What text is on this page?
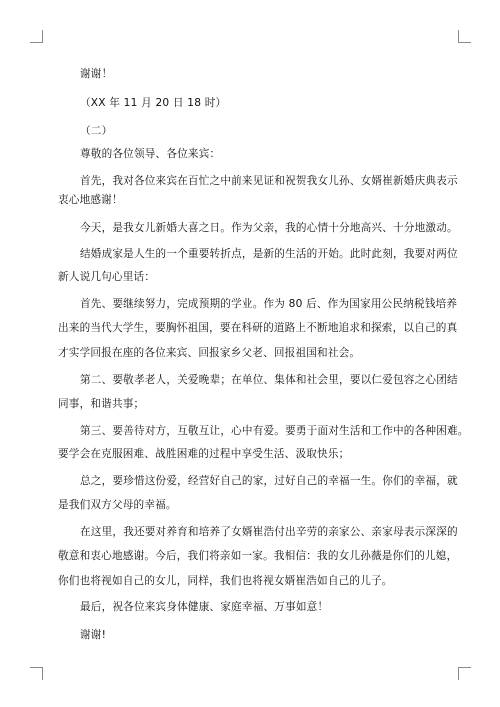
谢谢！
（XX 年 11 月 20 日 18 时）
（二）
尊敬的各位领导、各位来宾：
首先，我对各位来宾在百忙之中前来见证和祝贺我女儿孙、女婿崔新婚庆典表示
衷心地感谢！
今天，是我女儿新婚大喜之日。作为父亲，我的心情十分地高兴、十分地激动。
结婚成家是人生的一个重要转折点，是新的生活的开始。此时此刻，我要对两位
新人说几句心里话：
首先、要继续努力，完成预期的学业。作为 80 后、作为国家用公民纳税钱培养
出来的当代大学生，要胸怀祖国，要在科研的道路上不断地追求和探索，以自己的真
才实学回报在座的各位来宾、回报家乡父老、回报祖国和社会。
第二、要敬孝老人，关爱晚辈；在单位、集体和社会里，要以仁爱包容之心团结
同事，和谐共事；
第三、要善待对方，互敬互让，心中有爱。要勇于面对生活和工作中的各种困难。
要学会在克服困难、战胜困难的过程中享受生活、汲取快乐；
总之，要珍惜这份爱，经营好自己的家，过好自己的幸福一生。你们的幸福，就
是我们双方父母的幸福。
在这里，我还要对养育和培养了女婿崔浩付出辛劳的亲家公、亲家母表示深深的
敬意和衷心地感谢。今后，我们将亲如一家。我相信：我的女儿孙薇是你们的儿媳，
你们也将视如自己的女儿，同样，我们也将视女婿崔浩如自己的儿子。
最后，祝各位来宾身体健康、家庭幸福、万事如意！
谢谢!
